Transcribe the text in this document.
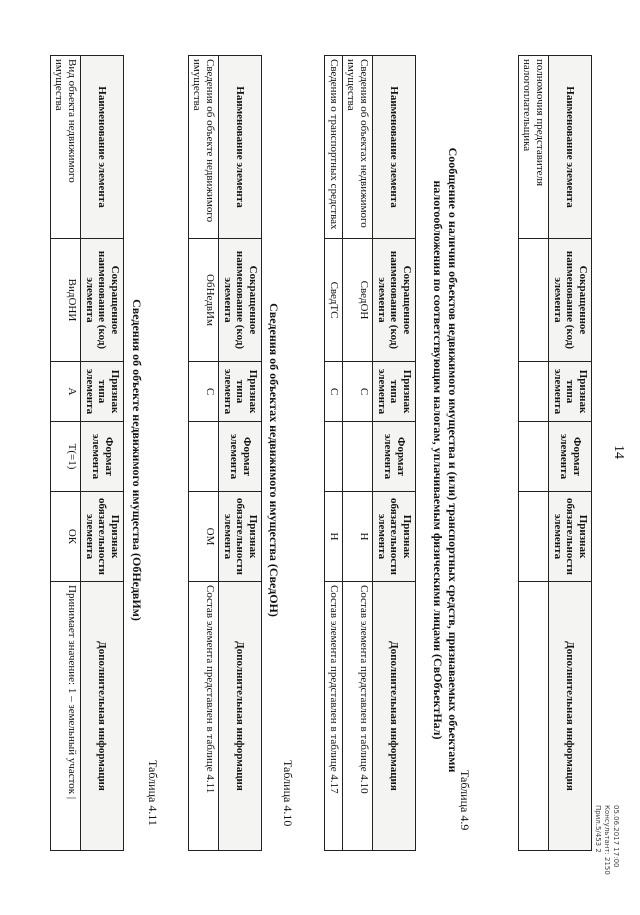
14
Наименование элемента	Сокращенное наименование (код) элемента	Признак типа элемента	Формат элемента	Признак обязательности элемента	Дополнительная информация
полномочия представителя налогоплательщика					
Таблица 4.9
Сообщение о наличии объектов недвижимого имущества и (или) транспортных средств, признаваемых объектами налогообложения по соответствующим налогам, уплачиваемым физическими лицами (СвОбъектНал)
Наименование элемента	Сокращенное наименование (код) элемента	Признак типа элемента	Формат элемента	Признак обязательности элемента	Дополнительная информация
Сведения об объектах недвижимого имущества	СведОН	С		Н	Состав элемента представлен в таблице 4.10
Сведения о транспортных средствах	СведТС	С		Н	Состав элемента представлен в таблице 4.17
Таблица 4.10
Сведения об объектах недвижимого имущества (СведОН)
Наименование элемента	Сокращенное наименование (код) элемента	Признак типа элемента	Формат элемента	Признак обязательности элемента	Дополнительная информация
Сведения об объекте недвижимого имущества	ОбНедвИм	С		ОМ	Состав элемента представлен в таблице 4.11
Таблица 4.11
Сведения об объекте недвижимого имущества (ОбНедвИм)
Наименование элемента	Сокращенное наименование (код) элемента	Признак типа элемента	Формат элемента	Признак обязательности элемента	Дополнительная информация
Вид объекта недвижимого имущества	ВидОНИ	А	T(=1)	ОК	Принимает значение: 1 – земельный участок |
05.06.2017 17:00
Консультант: 2150 Прил.5/453 2
